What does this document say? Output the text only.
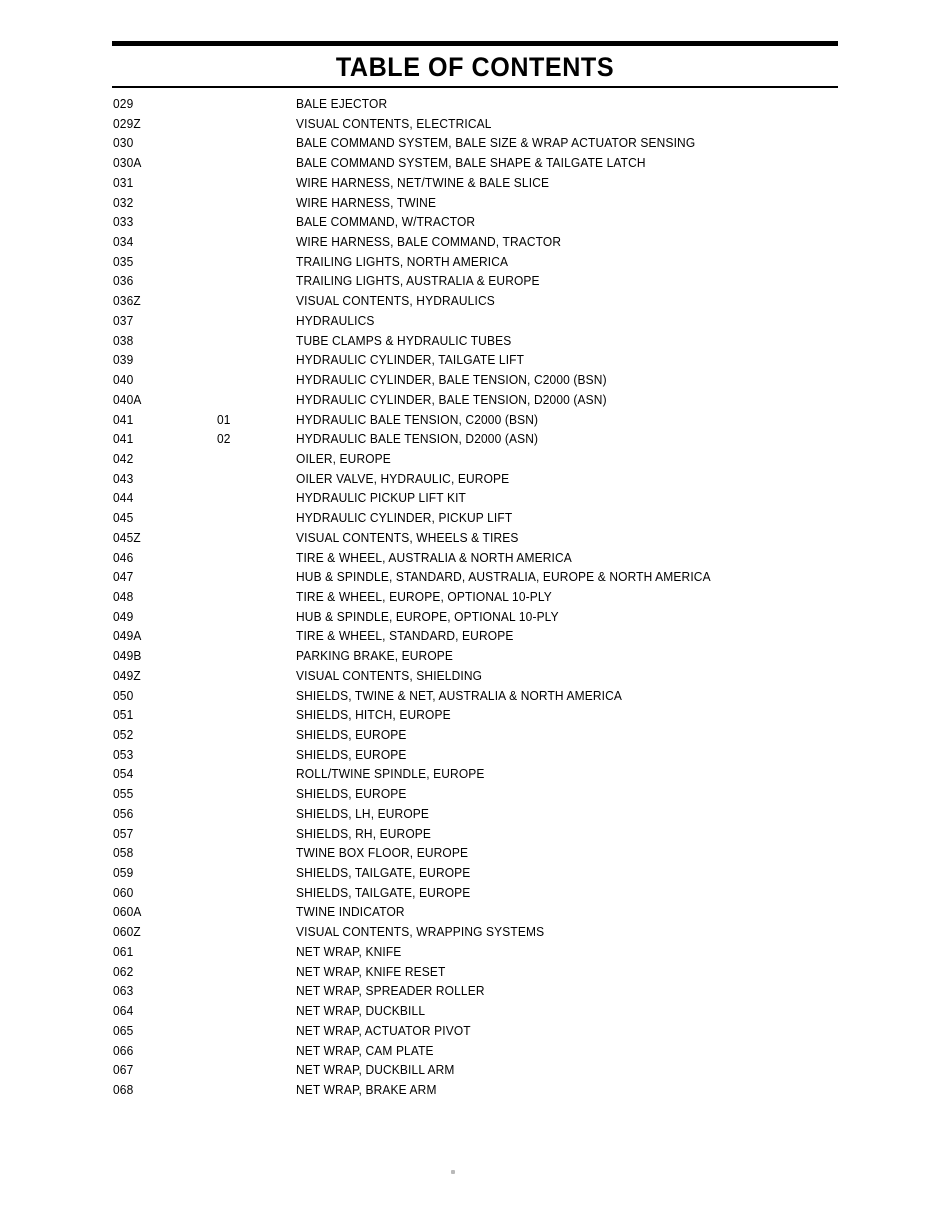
TABLE OF CONTENTS
029	BALE EJECTOR
029Z	VISUAL CONTENTS, ELECTRICAL
030	BALE COMMAND SYSTEM, BALE SIZE & WRAP ACTUATOR SENSING
030A	BALE COMMAND SYSTEM, BALE SHAPE & TAILGATE LATCH
031	WIRE HARNESS, NET/TWINE & BALE SLICE
032	WIRE HARNESS, TWINE
033	BALE COMMAND, W/TRACTOR
034	WIRE HARNESS, BALE COMMAND, TRACTOR
035	TRAILING LIGHTS, NORTH AMERICA
036	TRAILING LIGHTS, AUSTRALIA & EUROPE
036Z	VISUAL CONTENTS, HYDRAULICS
037	HYDRAULICS
038	TUBE CLAMPS & HYDRAULIC TUBES
039	HYDRAULIC CYLINDER, TAILGATE LIFT
040	HYDRAULIC CYLINDER, BALE TENSION, C2000 (BSN)
040A	HYDRAULIC CYLINDER, BALE TENSION, D2000 (ASN)
041	01	HYDRAULIC BALE TENSION, C2000 (BSN)
041	02	HYDRAULIC BALE TENSION, D2000 (ASN)
042	OILER, EUROPE
043	OILER VALVE, HYDRAULIC, EUROPE
044	HYDRAULIC PICKUP LIFT KIT
045	HYDRAULIC CYLINDER, PICKUP LIFT
045Z	VISUAL CONTENTS, WHEELS & TIRES
046	TIRE & WHEEL, AUSTRALIA & NORTH AMERICA
047	HUB & SPINDLE, STANDARD, AUSTRALIA, EUROPE & NORTH AMERICA
048	TIRE & WHEEL, EUROPE, OPTIONAL 10-PLY
049	HUB & SPINDLE, EUROPE, OPTIONAL 10-PLY
049A	TIRE & WHEEL, STANDARD, EUROPE
049B	PARKING BRAKE, EUROPE
049Z	VISUAL CONTENTS, SHIELDING
050	SHIELDS, TWINE & NET, AUSTRALIA & NORTH AMERICA
051	SHIELDS, HITCH, EUROPE
052	SHIELDS, EUROPE
053	SHIELDS, EUROPE
054	ROLL/TWINE SPINDLE, EUROPE
055	SHIELDS, EUROPE
056	SHIELDS, LH, EUROPE
057	SHIELDS, RH, EUROPE
058	TWINE BOX FLOOR, EUROPE
059	SHIELDS, TAILGATE, EUROPE
060	SHIELDS, TAILGATE, EUROPE
060A	TWINE INDICATOR
060Z	VISUAL CONTENTS, WRAPPING SYSTEMS
061	NET WRAP, KNIFE
062	NET WRAP, KNIFE RESET
063	NET WRAP, SPREADER ROLLER
064	NET WRAP, DUCKBILL
065	NET WRAP, ACTUATOR PIVOT
066	NET WRAP, CAM PLATE
067	NET WRAP, DUCKBILL ARM
068	NET WRAP, BRAKE ARM
